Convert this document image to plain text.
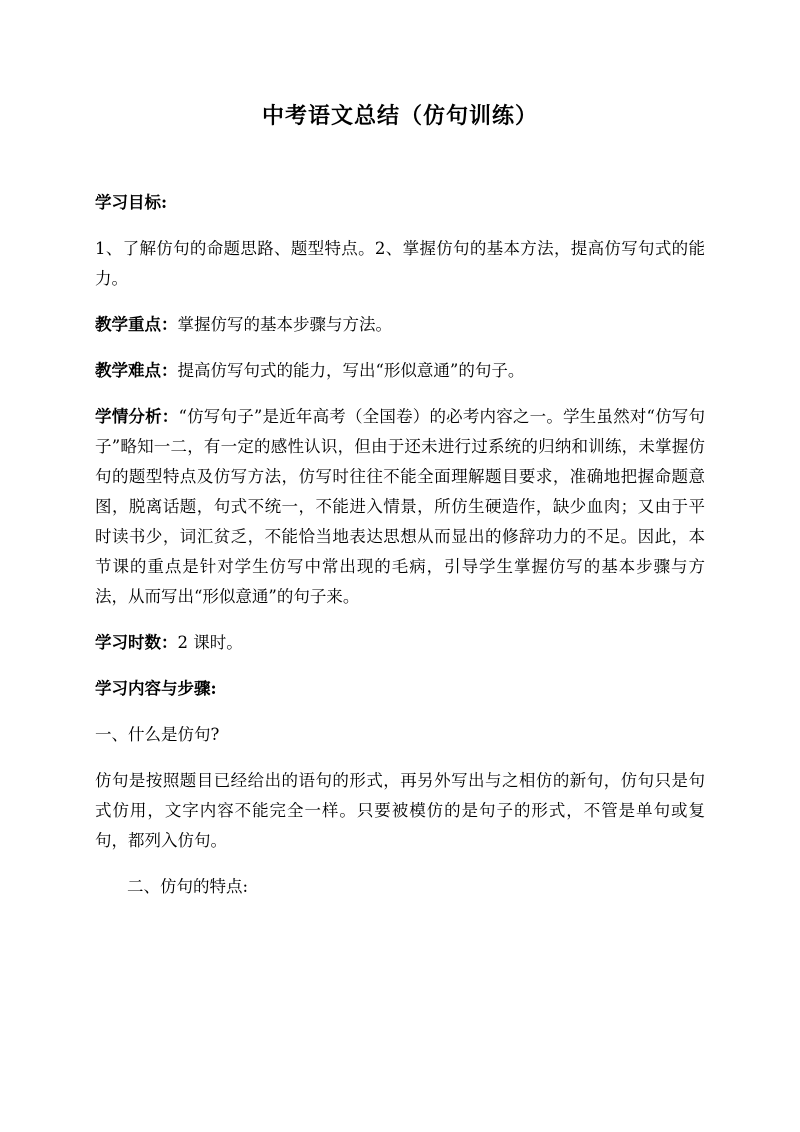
中考语文总结（仿句训练）

学习目标:

1、了解仿句的命题思路、题型特点。2、掌握仿句的基本方法，提高仿写句式的能力。

教学重点：掌握仿写的基本步骤与方法。

教学难点：提高仿写句式的能力，写出“形似意通”的句子。

学情分析：“仿写句子”是近年高考（全国卷）的必考内容之一。学生虽然对“仿写句子”略知一二，有一定的感性认识，但由于还未进行过系统的归纳和训练，未掌握仿句的题型特点及仿写方法，仿写时往往不能全面理解题目要求，准确地把握命题意图，脱离话题，句式不统一，不能进入情景，所仿生硬造作，缺少血肉；又由于平时读书少，词汇贫乏，不能恰当地表达思想从而显出的修辞功力的不足。因此，本节课的重点是针对学生仿写中常出现的毛病，引导学生掌握仿写的基本步骤与方法，从而写出“形似意通”的句子来。

学习时数：2 课时。

学习内容与步骤:

一、什么是仿句?

仿句是按照题目已经给出的语句的形式，再另外写出与之相仿的新句，仿句只是句式仿用，文字内容不能完全一样。只要被模仿的是句子的形式，不管是单句或复句，都列入仿句。

二、仿句的特点:
